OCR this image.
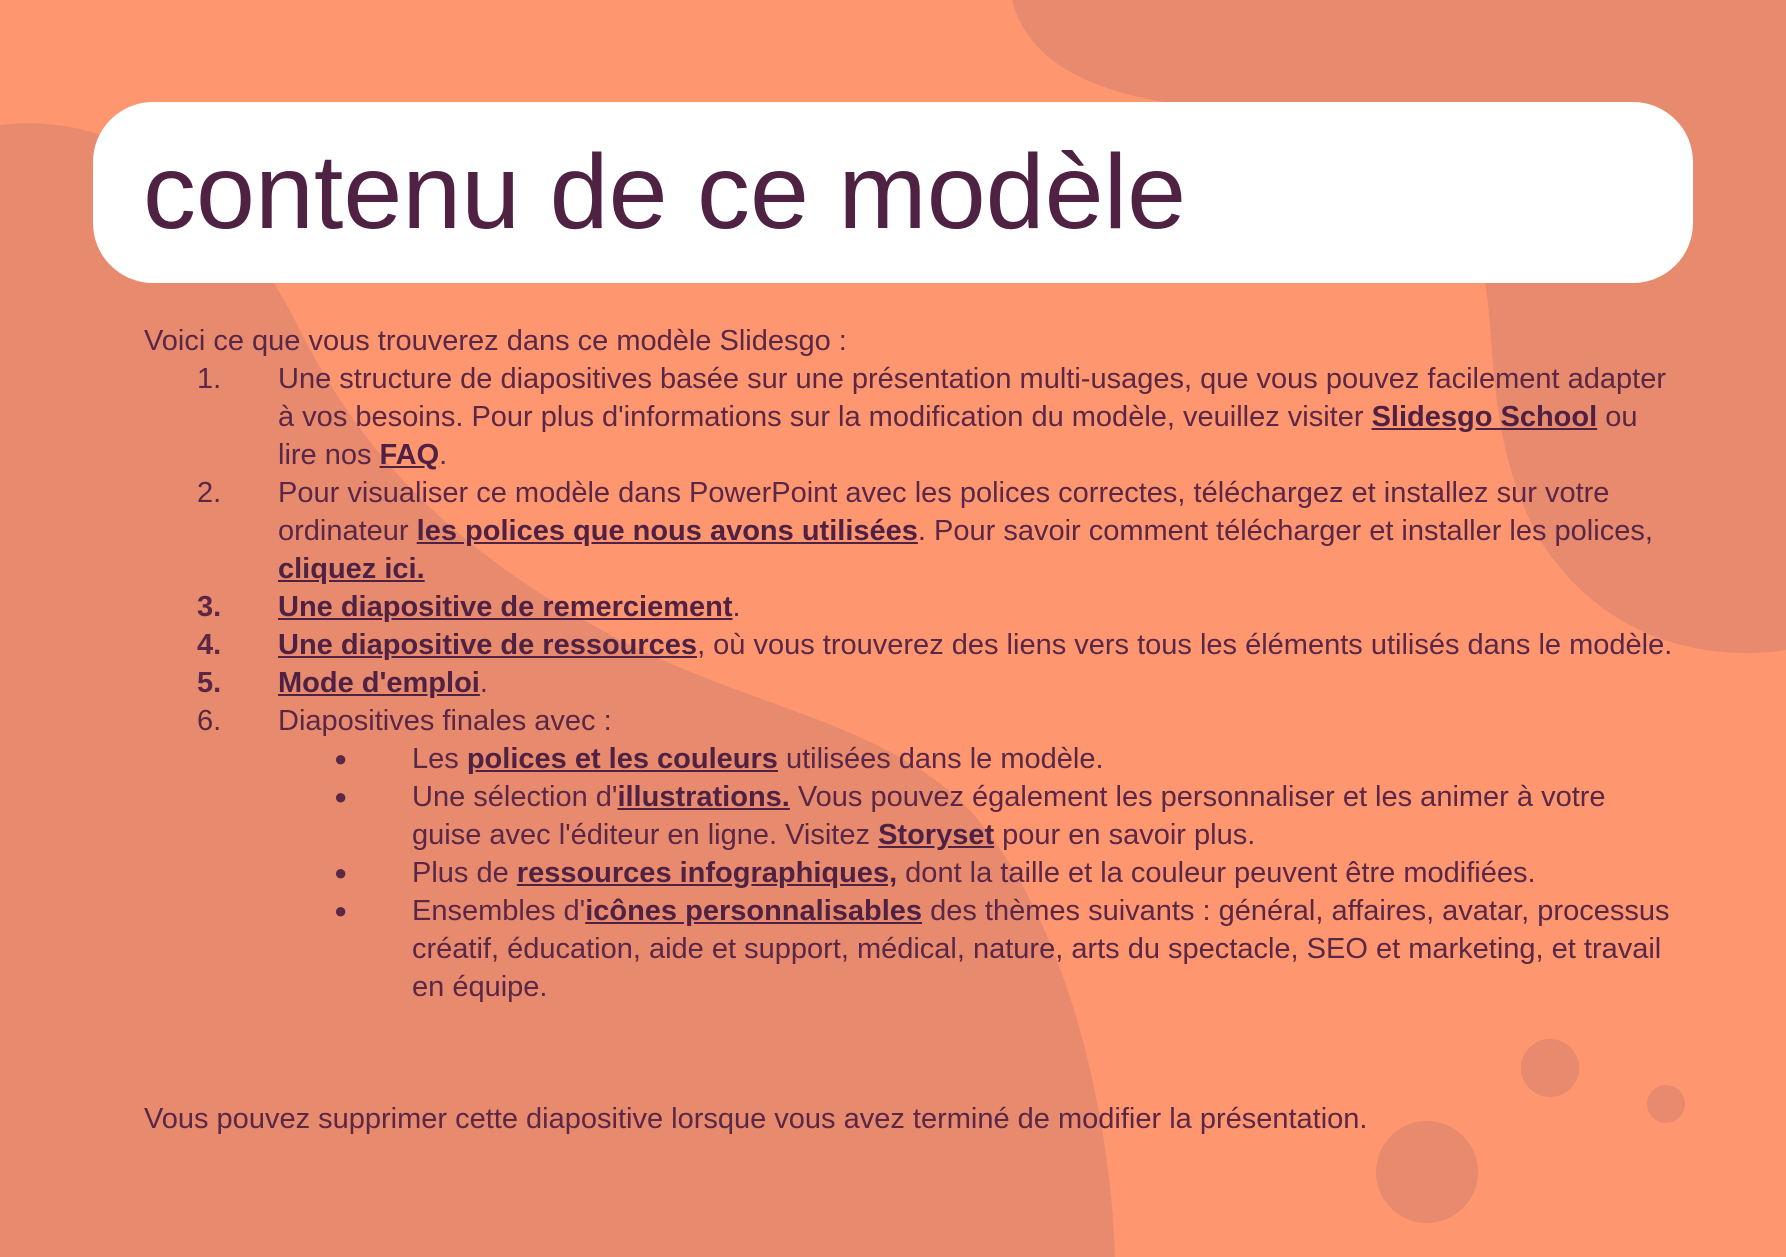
contenu de ce modèle

Voici ce que vous trouverez dans ce modèle Slidesgo :

1.	Une structure de diapositives basée sur une présentation multi-usages, que vous pouvez facilement adapter à vos besoins. Pour plus d'informations sur la modification du modèle, veuillez visiter Slidesgo School ou lire nos FAQ.
2.	Pour visualiser ce modèle dans PowerPoint avec les polices correctes, téléchargez et installez sur votre ordinateur les polices que nous avons utilisées. Pour savoir comment télécharger et installer les polices, cliquez ici.
3.	Une diapositive de remerciement.
4.	Une diapositive de ressources, où vous trouverez des liens vers tous les éléments utilisés dans le modèle.
5.	Mode d'emploi.
6.	Diapositives finales avec :
●	Les polices et les couleurs utilisées dans le modèle.
●	Une sélection d'illustrations. Vous pouvez également les personnaliser et les animer à votre guise avec l'éditeur en ligne. Visitez Storyset pour en savoir plus.
●	Plus de ressources infographiques, dont la taille et la couleur peuvent être modifiées.
●	Ensembles d'icônes personnalisables des thèmes suivants : général, affaires, avatar, processus créatif, éducation, aide et support, médical, nature, arts du spectacle, SEO et marketing, et travail en équipe.

Vous pouvez supprimer cette diapositive lorsque vous avez terminé de modifier la présentation.
